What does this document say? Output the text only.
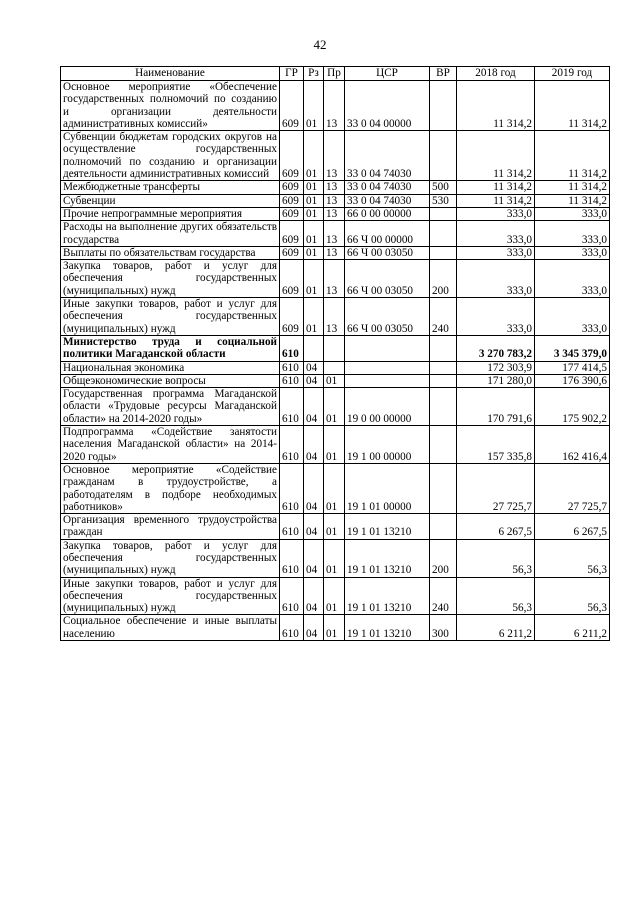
42
Наименование	ГР	Рз	Пр	ЦСР	ВР	2018 год	2019 год
Основное мероприятие «Обеспечение государственных полномочий по созданию и организации деятельности административных комиссий»	609	01	13	33 0 04 00000		11 314,2	11 314,2
Субвенции бюджетам городских округов на осуществление государственных полномочий по созданию и организации деятельности административных комиссий	609	01	13	33 0 04 74030		11 314,2	11 314,2
Межбюджетные трансферты	609	01	13	33 0 04 74030	500	11 314,2	11 314,2
Субвенции	609	01	13	33 0 04 74030	530	11 314,2	11 314,2
Прочие непрограммные мероприятия	609	01	13	66 0 00 00000		333,0	333,0
Расходы на выполнение других обязательств государства	609	01	13	66 Ч 00 00000		333,0	333,0
Выплаты по обязательствам государства	609	01	13	66 Ч 00 03050		333,0	333,0
Закупка товаров, работ и услуг для обеспечения государственных (муниципальных) нужд	609	01	13	66 Ч 00 03050	200	333,0	333,0
Иные закупки товаров, работ и услуг для обеспечения государственных (муниципальных) нужд	609	01	13	66 Ч 00 03050	240	333,0	333,0
Министерство труда и социальной политики Магаданской области	610					3 270 783,2	3 345 379,0
Национальная экономика	610	04				172 303,9	177 414,5
Общеэкономические вопросы	610	04	01			171 280,0	176 390,6
Государственная программа Магаданской области «Трудовые ресурсы Магаданской области» на 2014-2020 годы»	610	04	01	19 0 00 00000		170 791,6	175 902,2
Подпрограмма «Содействие занятости населения Магаданской области» на 2014-2020 годы»	610	04	01	19 1 00 00000		157 335,8	162 416,4
Основное мероприятие «Содействие гражданам в трудоустройстве, а работодателям в подборе необходимых работников»	610	04	01	19 1 01 00000		27 725,7	27 725,7
Организация временного трудоустройства граждан	610	04	01	19 1 01 13210		6 267,5	6 267,5
Закупка товаров, работ и услуг для обеспечения государственных (муниципальных) нужд	610	04	01	19 1 01 13210	200	56,3	56,3
Иные закупки товаров, работ и услуг для обеспечения государственных (муниципальных) нужд	610	04	01	19 1 01 13210	240	56,3	56,3
Социальное обеспечение и иные выплаты населению	610	04	01	19 1 01 13210	300	6 211,2	6 211,2
